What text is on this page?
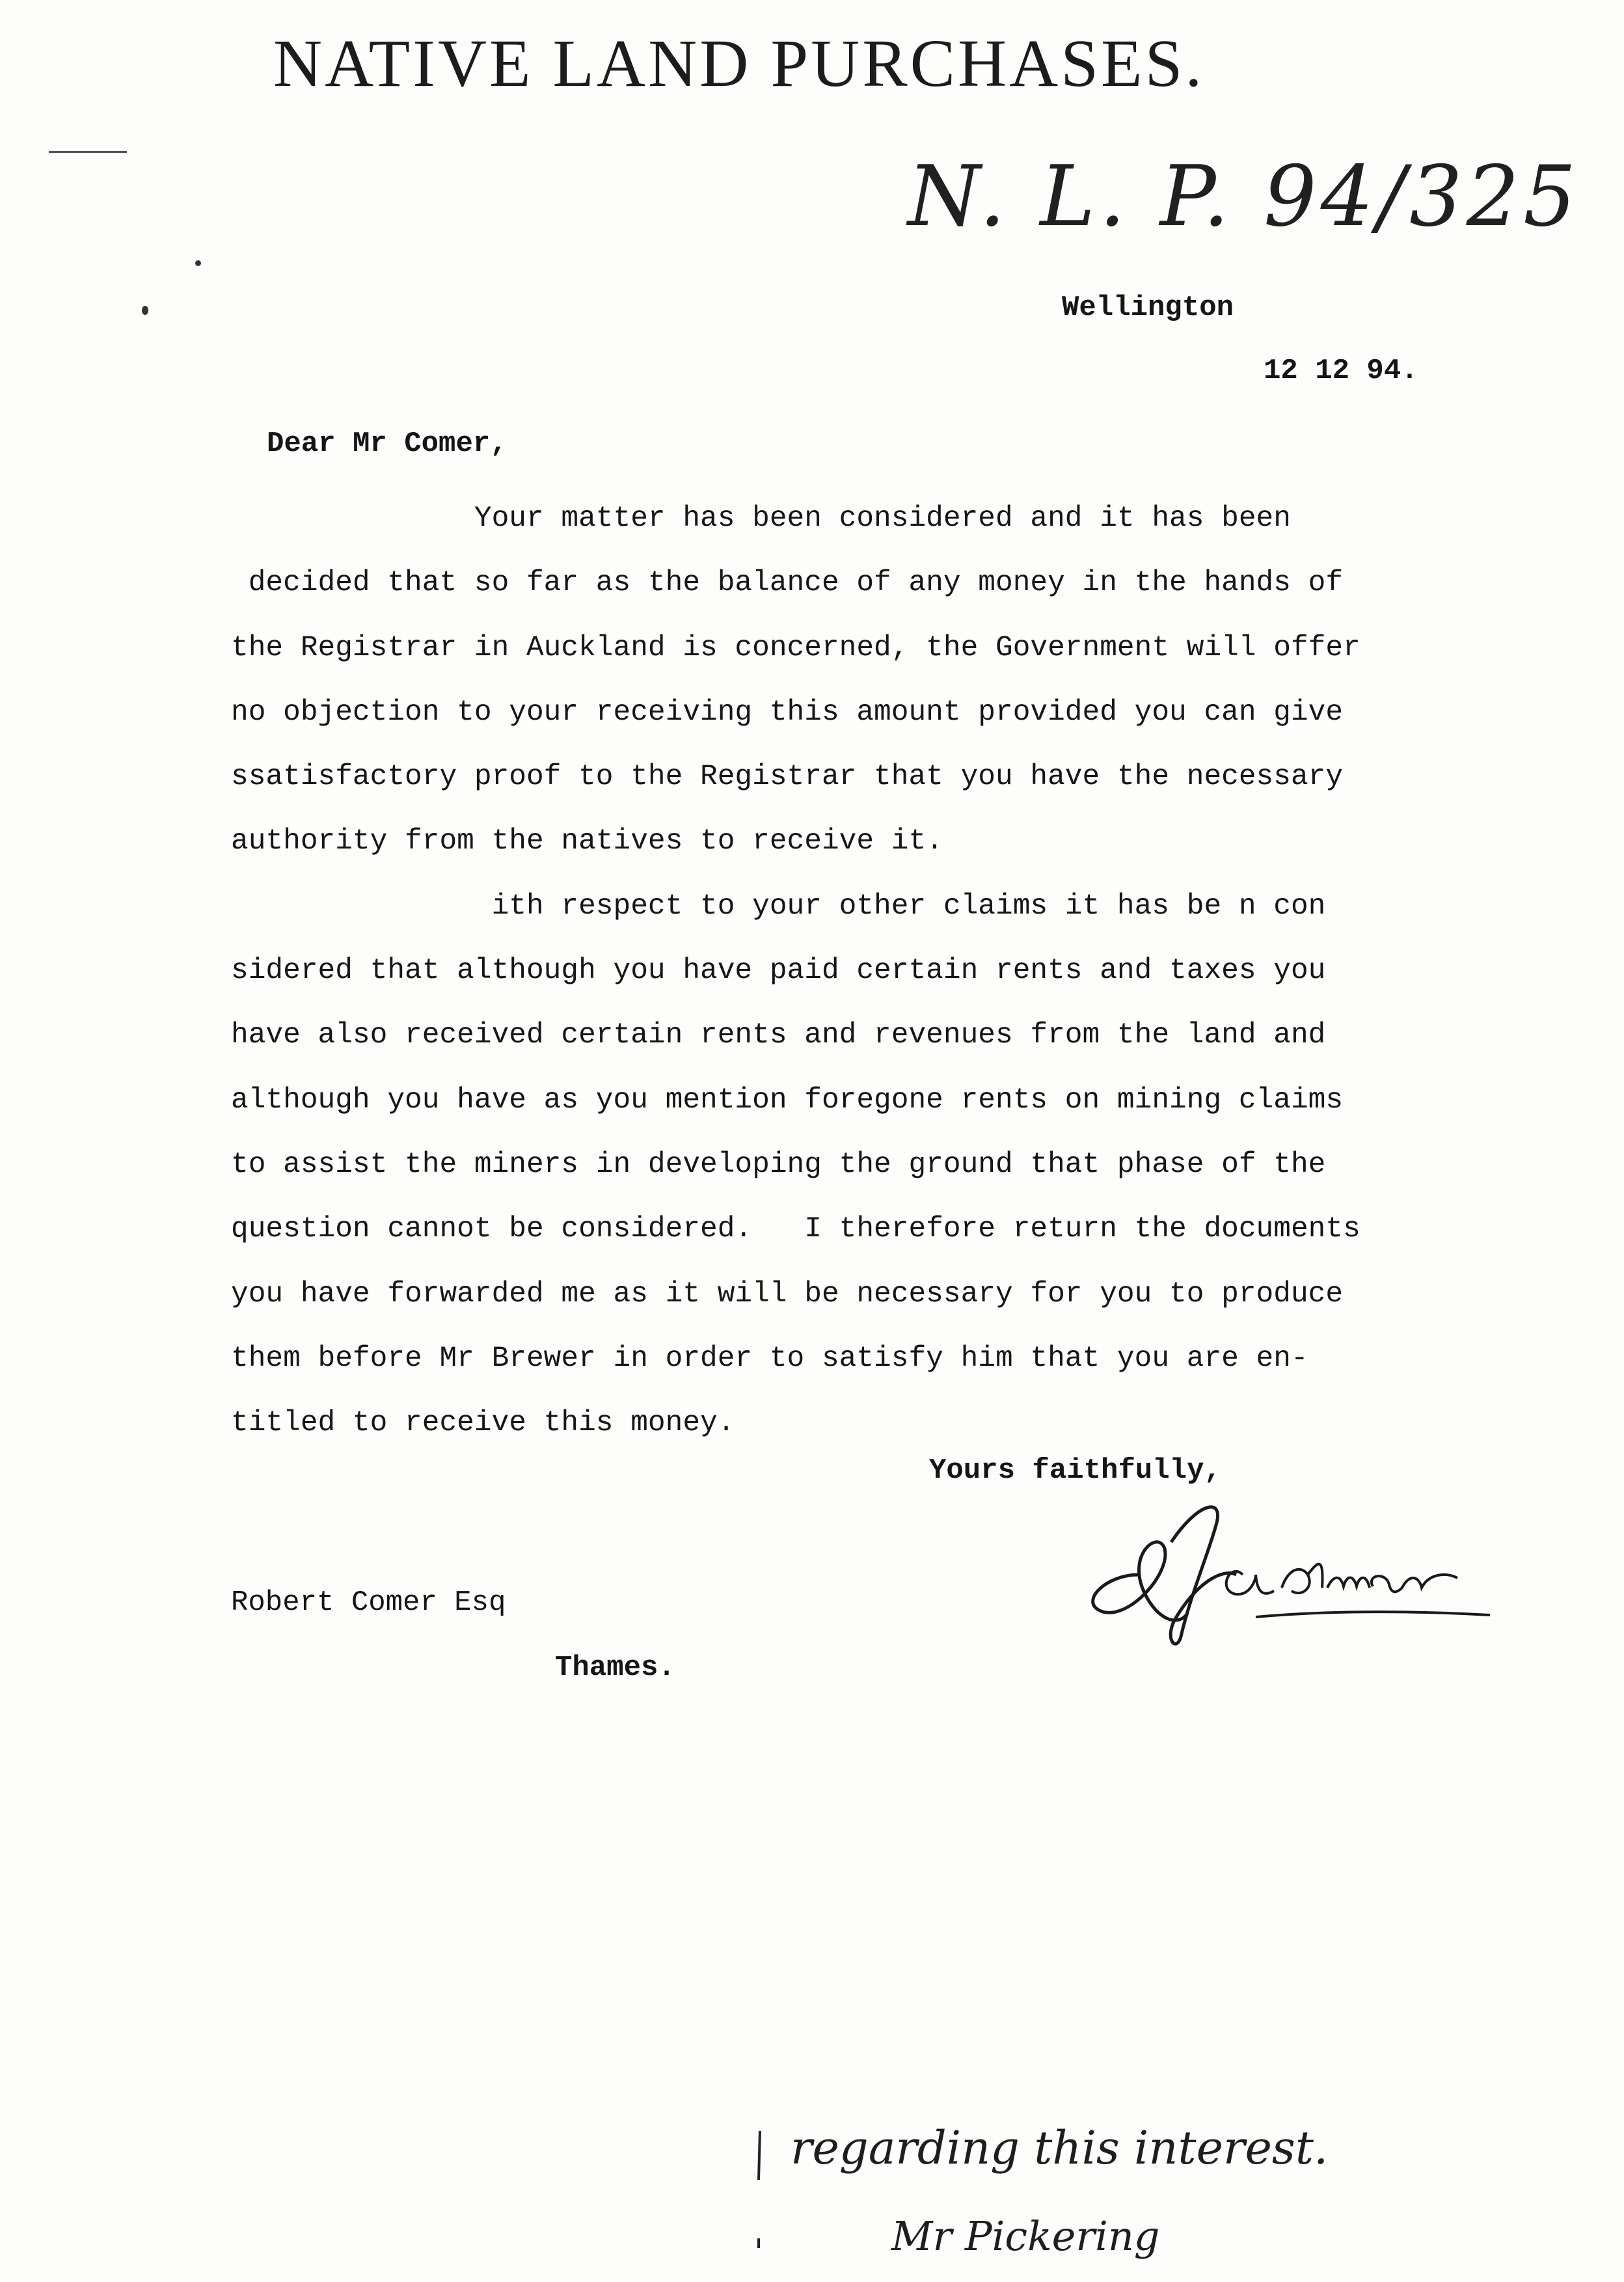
NATIVE LAND PURCHASES.
N. L. P. 94/325
Wellington
12 12 94.
Dear Mr Comer,
Your matter has been considered and it has been
decided that so far as the balance of any money in the hands of
the Registrar in Auckland is concerned, the Government will offer
no objection to your receiving this amount provided you can give
ssatisfactory proof to the Registrar that you have the necessary
authority from the natives to receive it.
ith respect to your other claims it has be n con
sidered that although you have paid certain rents and taxes you
have also received certain rents and revenues from the land and
although you have as you mention foregone rents on mining claims
to assist the miners in developing the ground that phase of the
question cannot be considered.   I therefore return the documents
you have forwarded me as it will be necessary for you to produce
them before Mr Brewer in order to satisfy him that you are en-
titled to receive this money.
Yours faithfully,
Robert Comer Esq
Thames.
regarding this interest.
Mr Pickering
